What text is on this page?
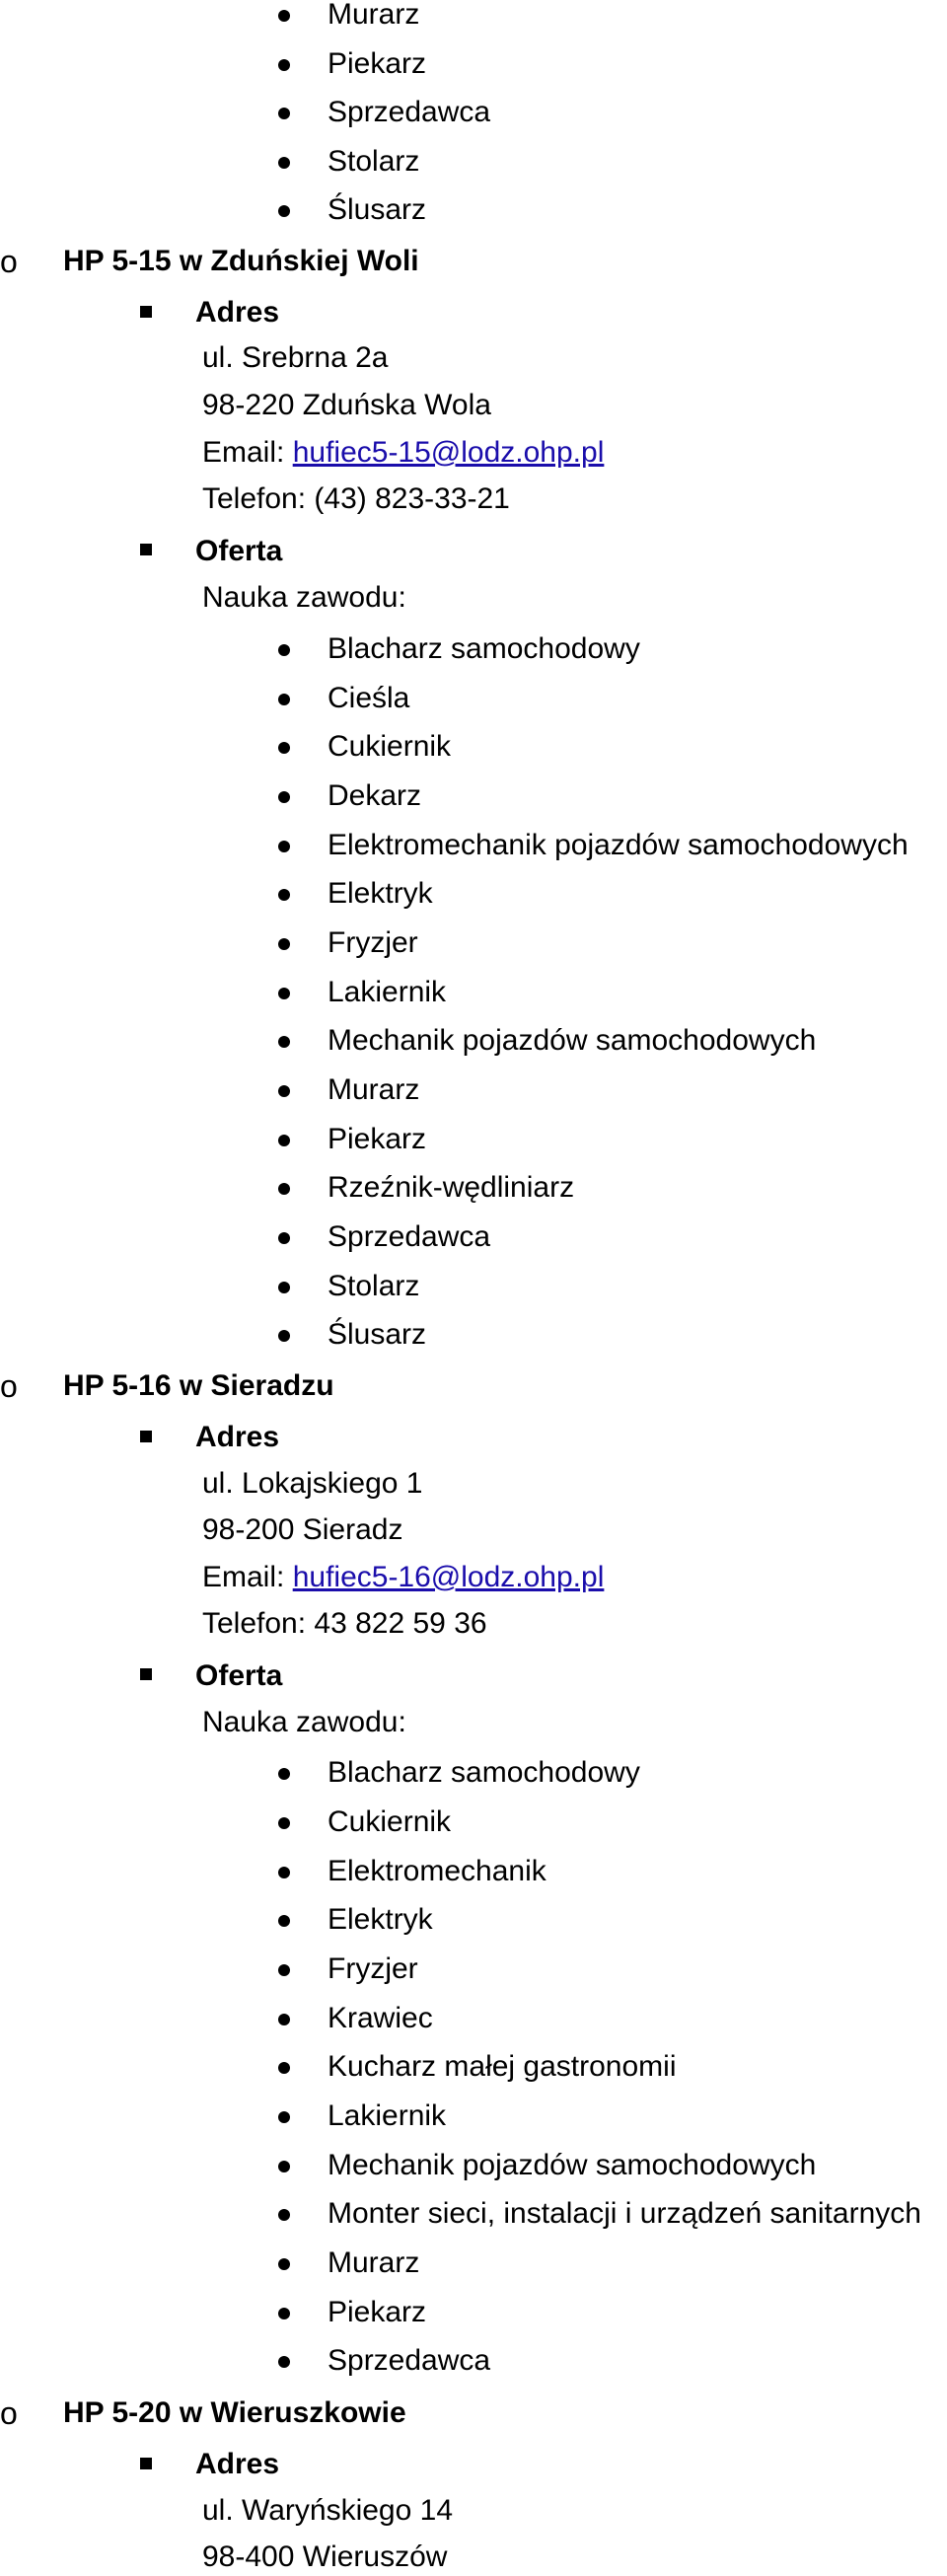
Murarz
Piekarz
Sprzedawca
Stolarz
Ślusarz
o HP 5-15 w Zduńskiej Woli
Adres
ul. Srebrna 2a
98-220 Zduńska Wola
Email: hufiec5-15@lodz.ohp.pl
Telefon: (43) 823-33-21
Oferta
Nauka zawodu:
Blacharz samochodowy
Cieśla
Cukiernik
Dekarz
Elektromechanik pojazdów samochodowych
Elektryk
Fryzjer
Lakiernik
Mechanik pojazdów samochodowych
Murarz
Piekarz
Rzeźnik-wędliniarz
Sprzedawca
Stolarz
Ślusarz
o HP 5-16 w Sieradzu
Adres
ul. Lokajskiego 1
98-200 Sieradz
Email: hufiec5-16@lodz.ohp.pl
Telefon: 43 822 59 36
Oferta
Nauka zawodu:
Blacharz samochodowy
Cukiernik
Elektromechanik
Elektryk
Fryzjer
Krawiec
Kucharz małej gastronomii
Lakiernik
Mechanik pojazdów samochodowych
Monter sieci, instalacji i urządzeń sanitarnych
Murarz
Piekarz
Sprzedawca
o HP 5-20 w Wieruszkowie
Adres
ul. Waryńskiego 14
98-400 Wieruszów
